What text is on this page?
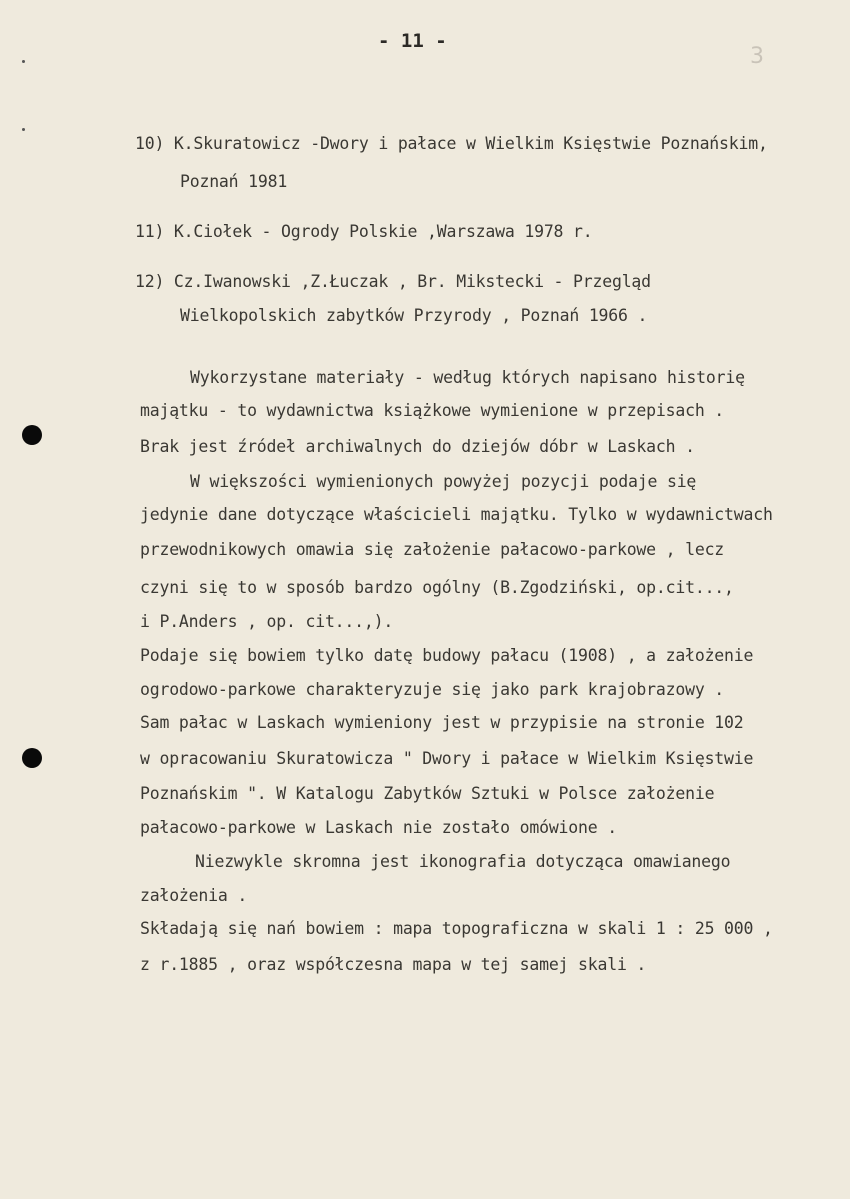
- 11 -
3
10) K.Skuratowicz -Dwory i pałace w Wielkim Księstwie Poznańskim,
Poznań 1981
11) K.Ciołek - Ogrody Polskie ,Warszawa 1978 r.
12) Cz.Iwanowski ,Z.Łuczak , Br. Mikstecki - Przegląd
Wielkopolskich zabytków Przyrody , Poznań 1966 .
Wykorzystane materiały - według których napisano historię
majątku - to wydawnictwa książkowe wymienione w przepisach .
Brak jest źródeł archiwalnych do dziejów dóbr w Laskach .
W większości wymienionych powyżej pozycji podaje się
jedynie dane dotyczące właścicieli majątku. Tylko w wydawnictwach
przewodnikowych omawia się założenie pałacowo-parkowe , lecz
czyni się to w sposób bardzo ogólny (B.Zgodziński, op.cit...,
i P.Anders , op. cit...,).
Podaje się bowiem tylko datę budowy pałacu (1908) , a założenie
ogrodowo-parkowe charakteryzuje się jako park krajobrazowy .
Sam pałac w Laskach wymieniony jest w przypisie na stronie 102
w opracowaniu Skuratowicza " Dwory i pałace w Wielkim Księstwie
Poznańskim ". W Katalogu Zabytków Sztuki w Polsce założenie
pałacowo-parkowe w Laskach nie zostało omówione .
Niezwykle skromna jest ikonografia dotycząca omawianego
założenia .
Składają się nań bowiem : mapa topograficzna w skali 1 : 25 000 ,
z r.1885 , oraz współczesna mapa w tej samej skali .
